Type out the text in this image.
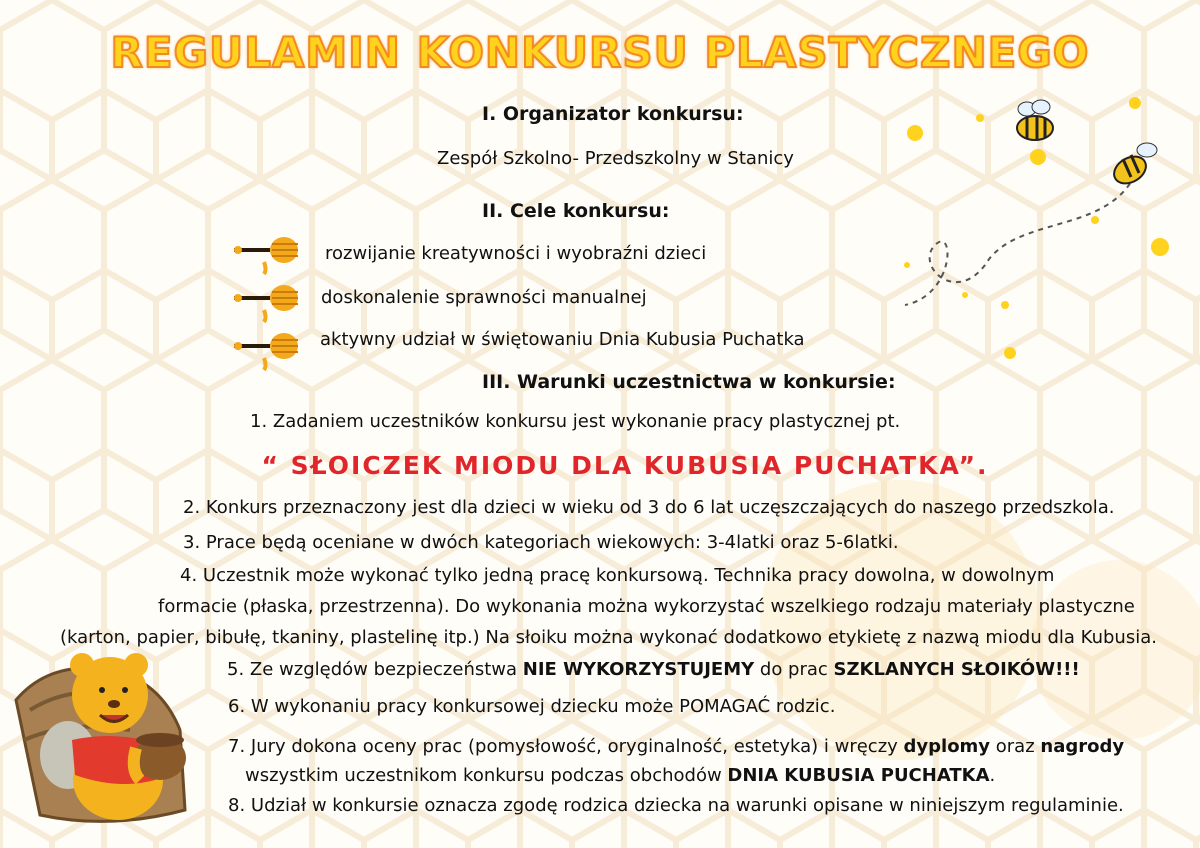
REGULAMIN KONKURSU PLASTYCZNEGO
I. Organizator konkursu:
Zespół Szkolno- Przedszkolny w Stanicy
II. Cele konkursu:
rozwijanie kreatywności i wyobraźni dzieci
doskonalenie sprawności manualnej
aktywny udział w świętowaniu Dnia Kubusia Puchatka
III. Warunki uczestnictwa w konkursie:
1. Zadaniem uczestników konkursu jest wykonanie pracy plastycznej pt.
“ SŁOICZEK MIODU DLA KUBUSIA PUCHATKA”.
2. Konkurs przeznaczony jest dla dzieci w wieku od 3 do 6 lat uczęszczających do naszego przedszkola.
3. Prace będą oceniane w dwóch kategoriach wiekowych: 3-4latki oraz 5-6latki.
4. Uczestnik może wykonać tylko jedną pracę konkursową. Technika pracy dowolna, w dowolnym
formacie (płaska, przestrzenna). Do wykonania można wykorzystać wszelkiego rodzaju materiały plastyczne
(karton, papier, bibułę, tkaniny, plastelinę itp.) Na słoiku można wykonać dodatkowo etykietę z nazwą miodu dla Kubusia.
5. Ze względów bezpieczeństwa NIE WYKORZYSTUJEMY do prac SZKLANYCH SŁOIKÓW!!!
6. W wykonaniu pracy konkursowej dziecku może POMAGAĆ rodzic.
7. Jury dokona oceny prac (pomysłowość, oryginalność, estetyka) i wręczy dyplomy oraz nagrody
wszystkim uczestnikom konkursu podczas obchodów DNIA KUBUSIA PUCHATKA.
8. Udział w konkursie oznacza zgodę rodzica dziecka na warunki opisane w niniejszym regulaminie.
